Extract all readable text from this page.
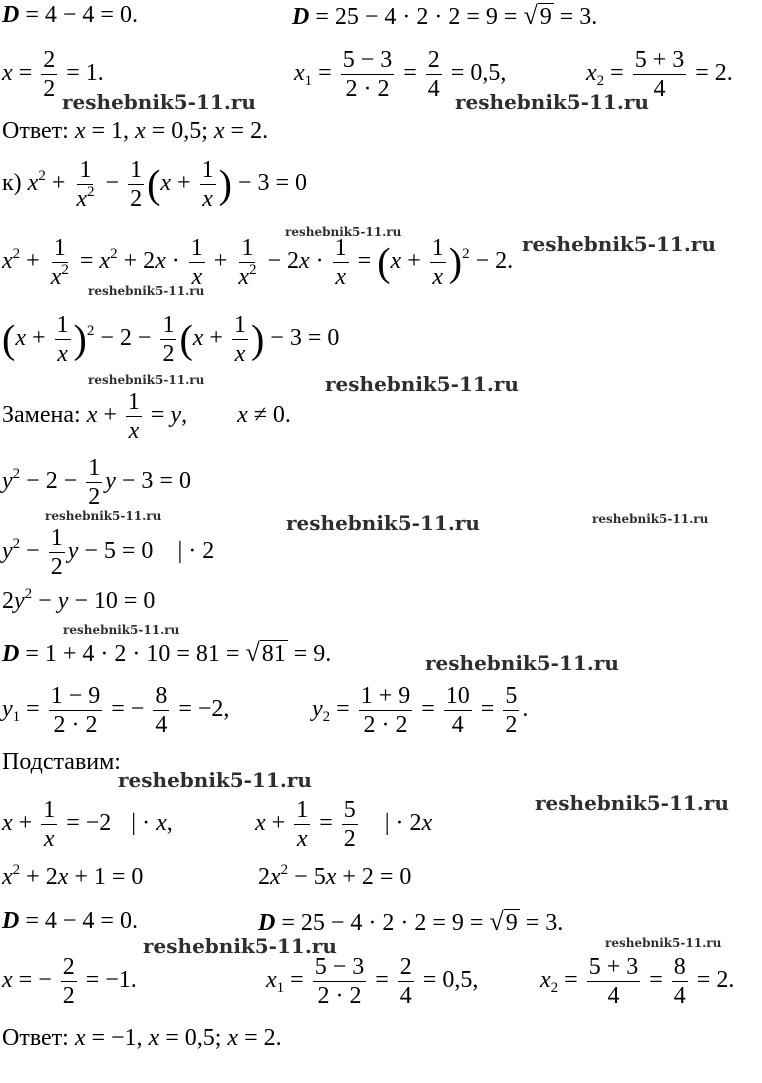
reshebnik5-11.ru	reshebnik5-11.ru
reshebnik5-11.ru	reshebnik5-11.ru
reshebnik5-11.ru
reshebnik5-11.ru	reshebnik5-11.ru
reshebnik5-11.ru	reshebnik5-11.ru	reshebnik5-11.ru
reshebnik5-11.ru
reshebnik5-11.ru
reshebnik5-11.ru
reshebnik5-11.ru
reshebnik5-11.ru	reshebnik5-11.ru
D = 4 − 4 = 0.	D = 25 − 4 · 2 · 2 = 9 = √9 = 3.
$x = \frac{2}{2} = 1$.	$x_1 = \frac{5 - 3}{2 \cdot 2} = \frac{2}{4} = 0,5$,	$x_2 = \frac{5 + 3}{4} = 2$.
Ответ: x = 1, x = 0,5; x = 2.
к) $x^2 + \frac{1}{x^2} - \frac{1}{2} (x + \frac{1}{x}$ ) − 3 = 0
$x^2 + \frac{1}{x^2} = x^2 + 2x \cdot \frac{1}{x} + \frac{1}{x^2} - 2x \cdot \frac{1}{x} = (x + \frac{1}{x} )^2 - 2$.
$(x + \frac{1}{x} )^2 - 2 - \frac{1}{2} (x + \frac{1}{x}$ ) − 3 = 0
Замена: $x + \frac{1}{x} = y$, x ≠ 0.
$y^2 - 2 - \frac{1}{2}$ y − 3 = 0
$y^2 - \frac{1}{2}$ y − 5 = 0 | · 2
$2y^2 - y - 10 = 0$
D = 1 + 4 · 2 · 10 = 81 = √81 = 9.
$y_1 = \frac{1 - 9}{2 \cdot 2}$ = − $\frac{8}{4} = -2$,	$y_2 = \frac{1 + 9}{2 \cdot 2} = \frac{10}{4} = \frac{5}{2}$ .
Подставим:
$x + \frac{1}{x} = -2$ | · x,	$x + \frac{1}{x} = \frac{5}{2}$ | · 2x
$x^2 + 2x + 1 = 0$	$2x^2 - 5x + 2 = 0$
D = 4 − 4 = 0.	D = 25 − 4 · 2 · 2 = 9 = √9 = 3.
x = − $\frac{2}{2} = -1$.	$x_1 = \frac{5 - 3}{2 \cdot 2} = \frac{2}{4} = 0,5$,	$x_2 = \frac{5 + 3}{4} = \frac{8}{4} = 2$.
Ответ: x = −1, x = 0,5; x = 2.
